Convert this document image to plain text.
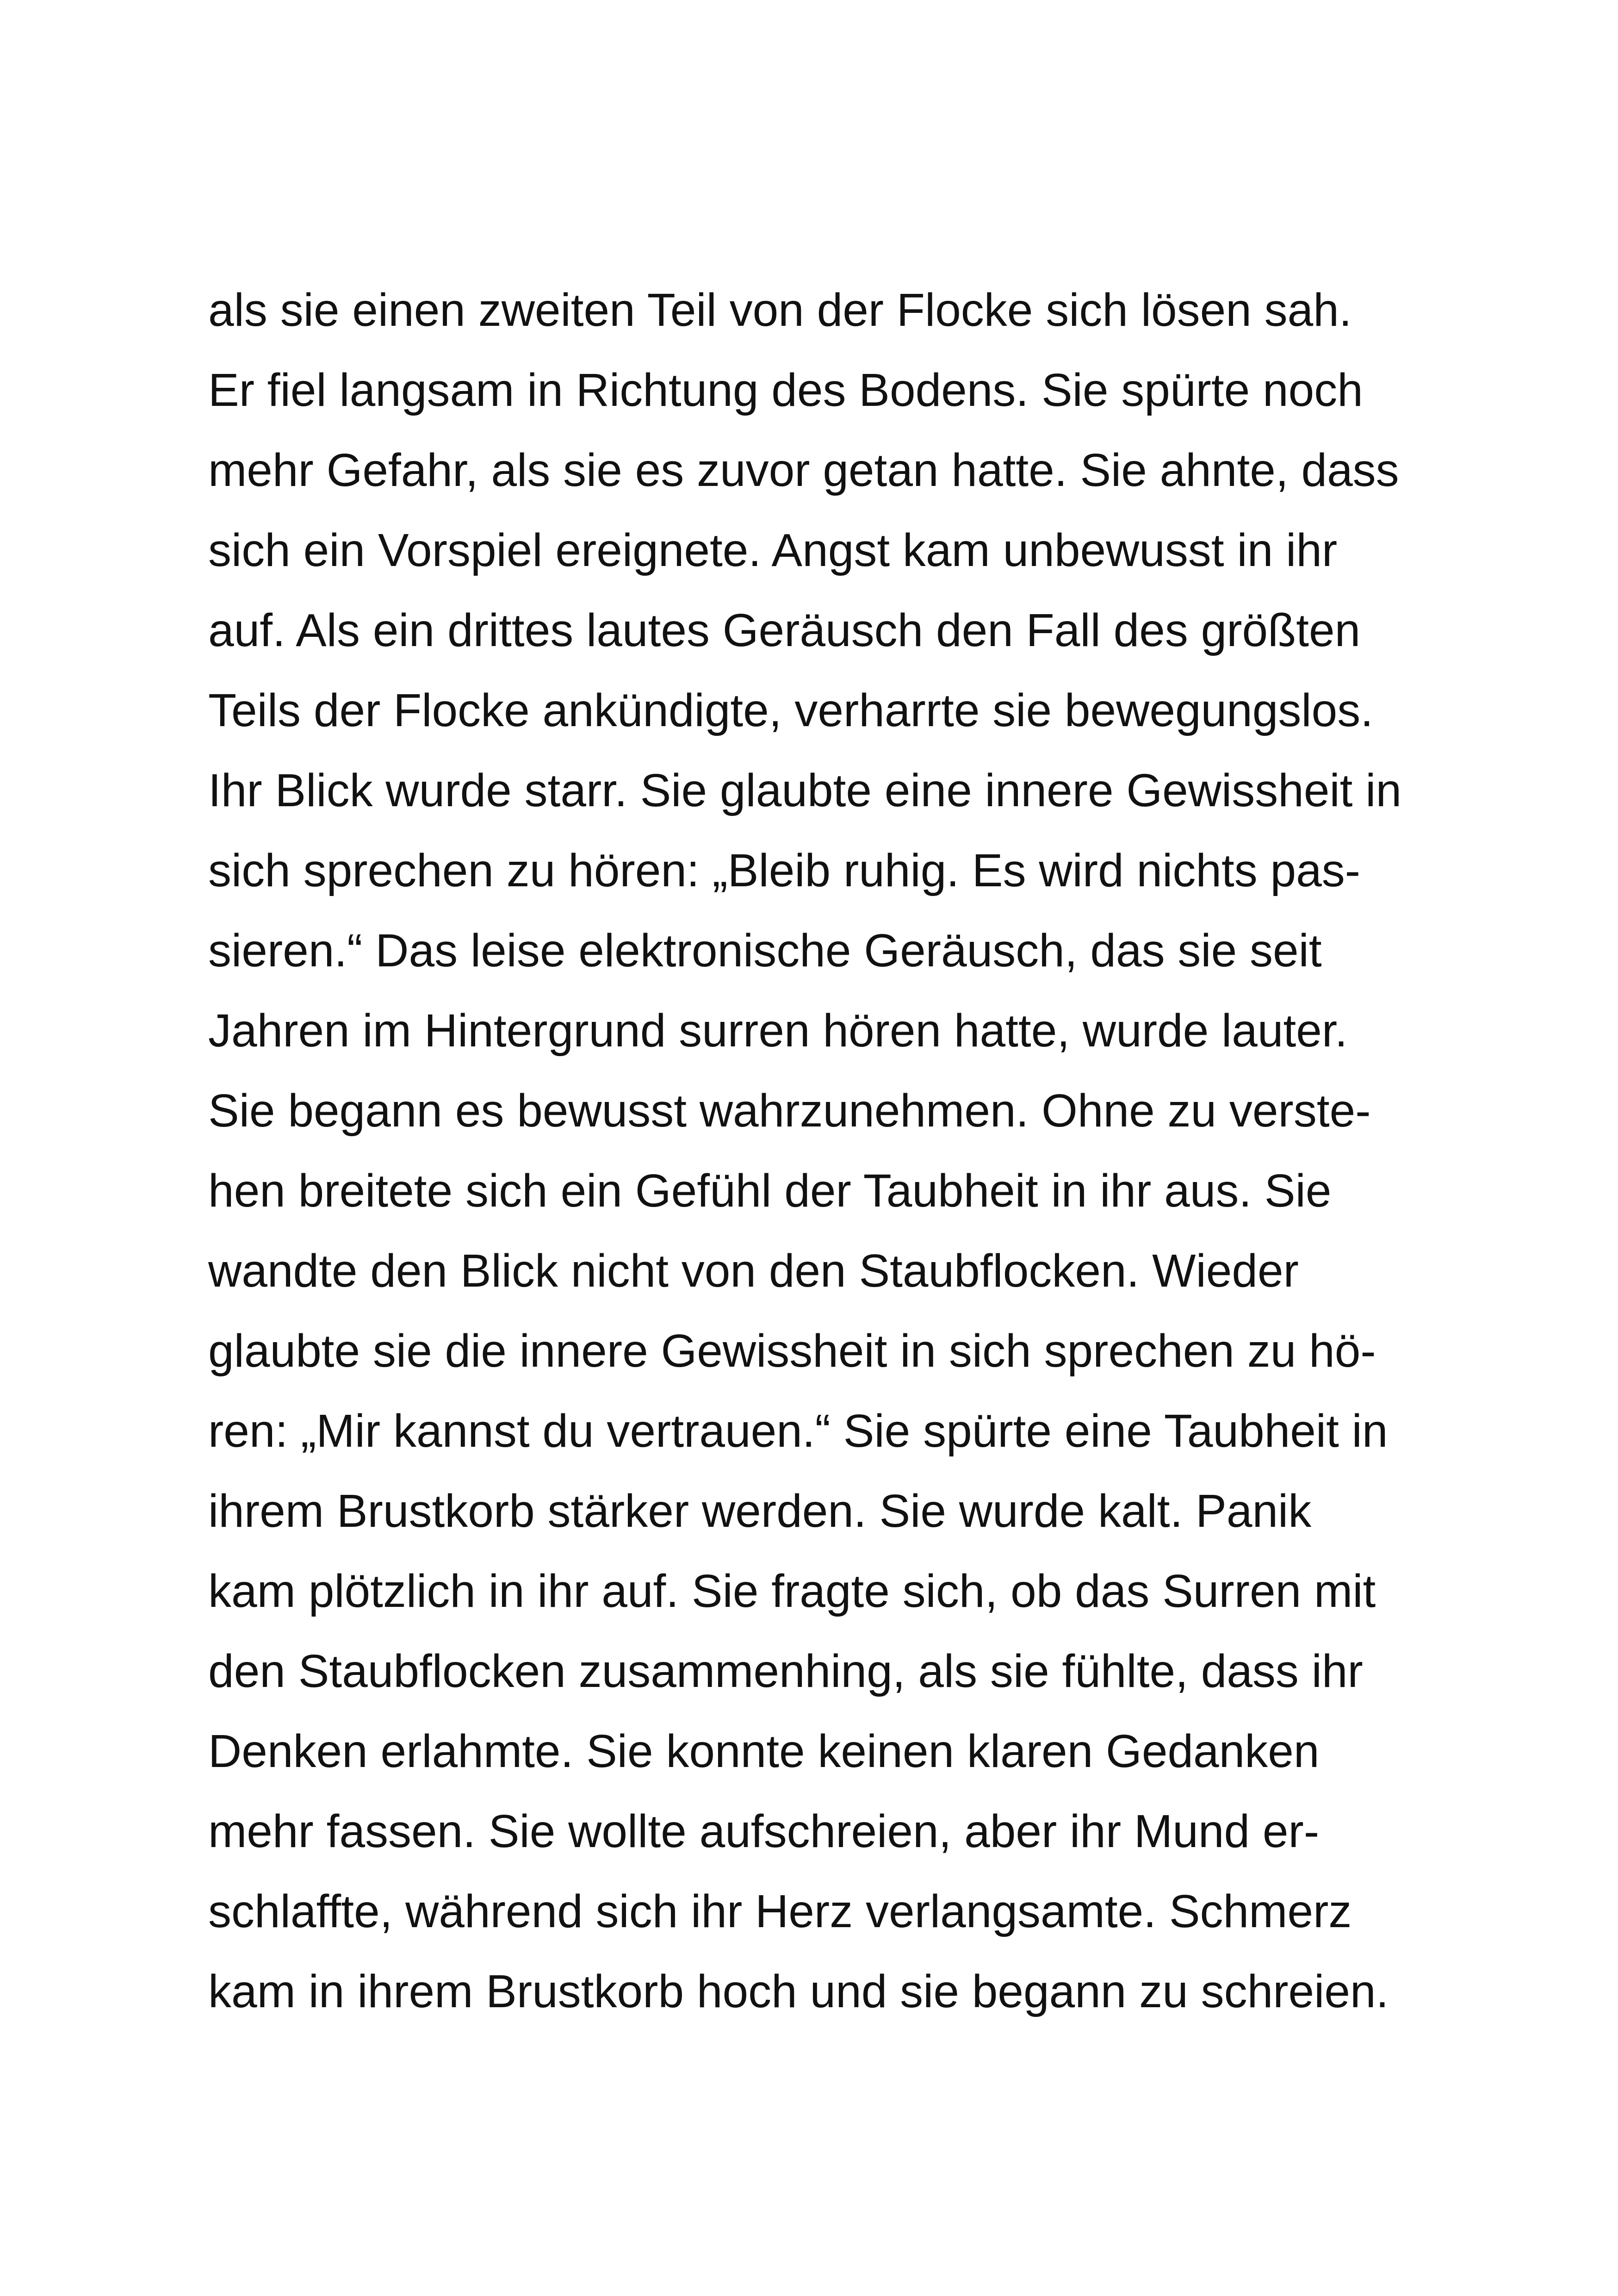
als sie einen zweiten Teil von der Flocke sich lösen sah.
Er fiel langsam in Richtung des Bodens. Sie spürte noch
mehr Gefahr, als sie es zuvor getan hatte. Sie ahnte, dass
sich ein Vorspiel ereignete. Angst kam unbewusst in ihr
auf. Als ein drittes lautes Geräusch den Fall des größten
Teils der Flocke ankündigte, verharrte sie bewegungslos.
Ihr Blick wurde starr. Sie glaubte eine innere Gewissheit in
sich sprechen zu hören: „Bleib ruhig. Es wird nichts pas-
sieren.“ Das leise elektronische Geräusch, das sie seit
Jahren im Hintergrund surren hören hatte, wurde lauter.
Sie begann es bewusst wahrzunehmen. Ohne zu verste-
hen breitete sich ein Gefühl der Taubheit in ihr aus. Sie
wandte den Blick nicht von den Staubflocken. Wieder
glaubte sie die innere Gewissheit in sich sprechen zu hö-
ren: „Mir kannst du vertrauen.“ Sie spürte eine Taubheit in
ihrem Brustkorb stärker werden. Sie wurde kalt. Panik
kam plötzlich in ihr auf. Sie fragte sich, ob das Surren mit
den Staubflocken zusammenhing, als sie fühlte, dass ihr
Denken erlahmte. Sie konnte keinen klaren Gedanken
mehr fassen. Sie wollte aufschreien, aber ihr Mund er-
schlaffte, während sich ihr Herz verlangsamte. Schmerz
kam in ihrem Brustkorb hoch und sie begann zu schreien.
